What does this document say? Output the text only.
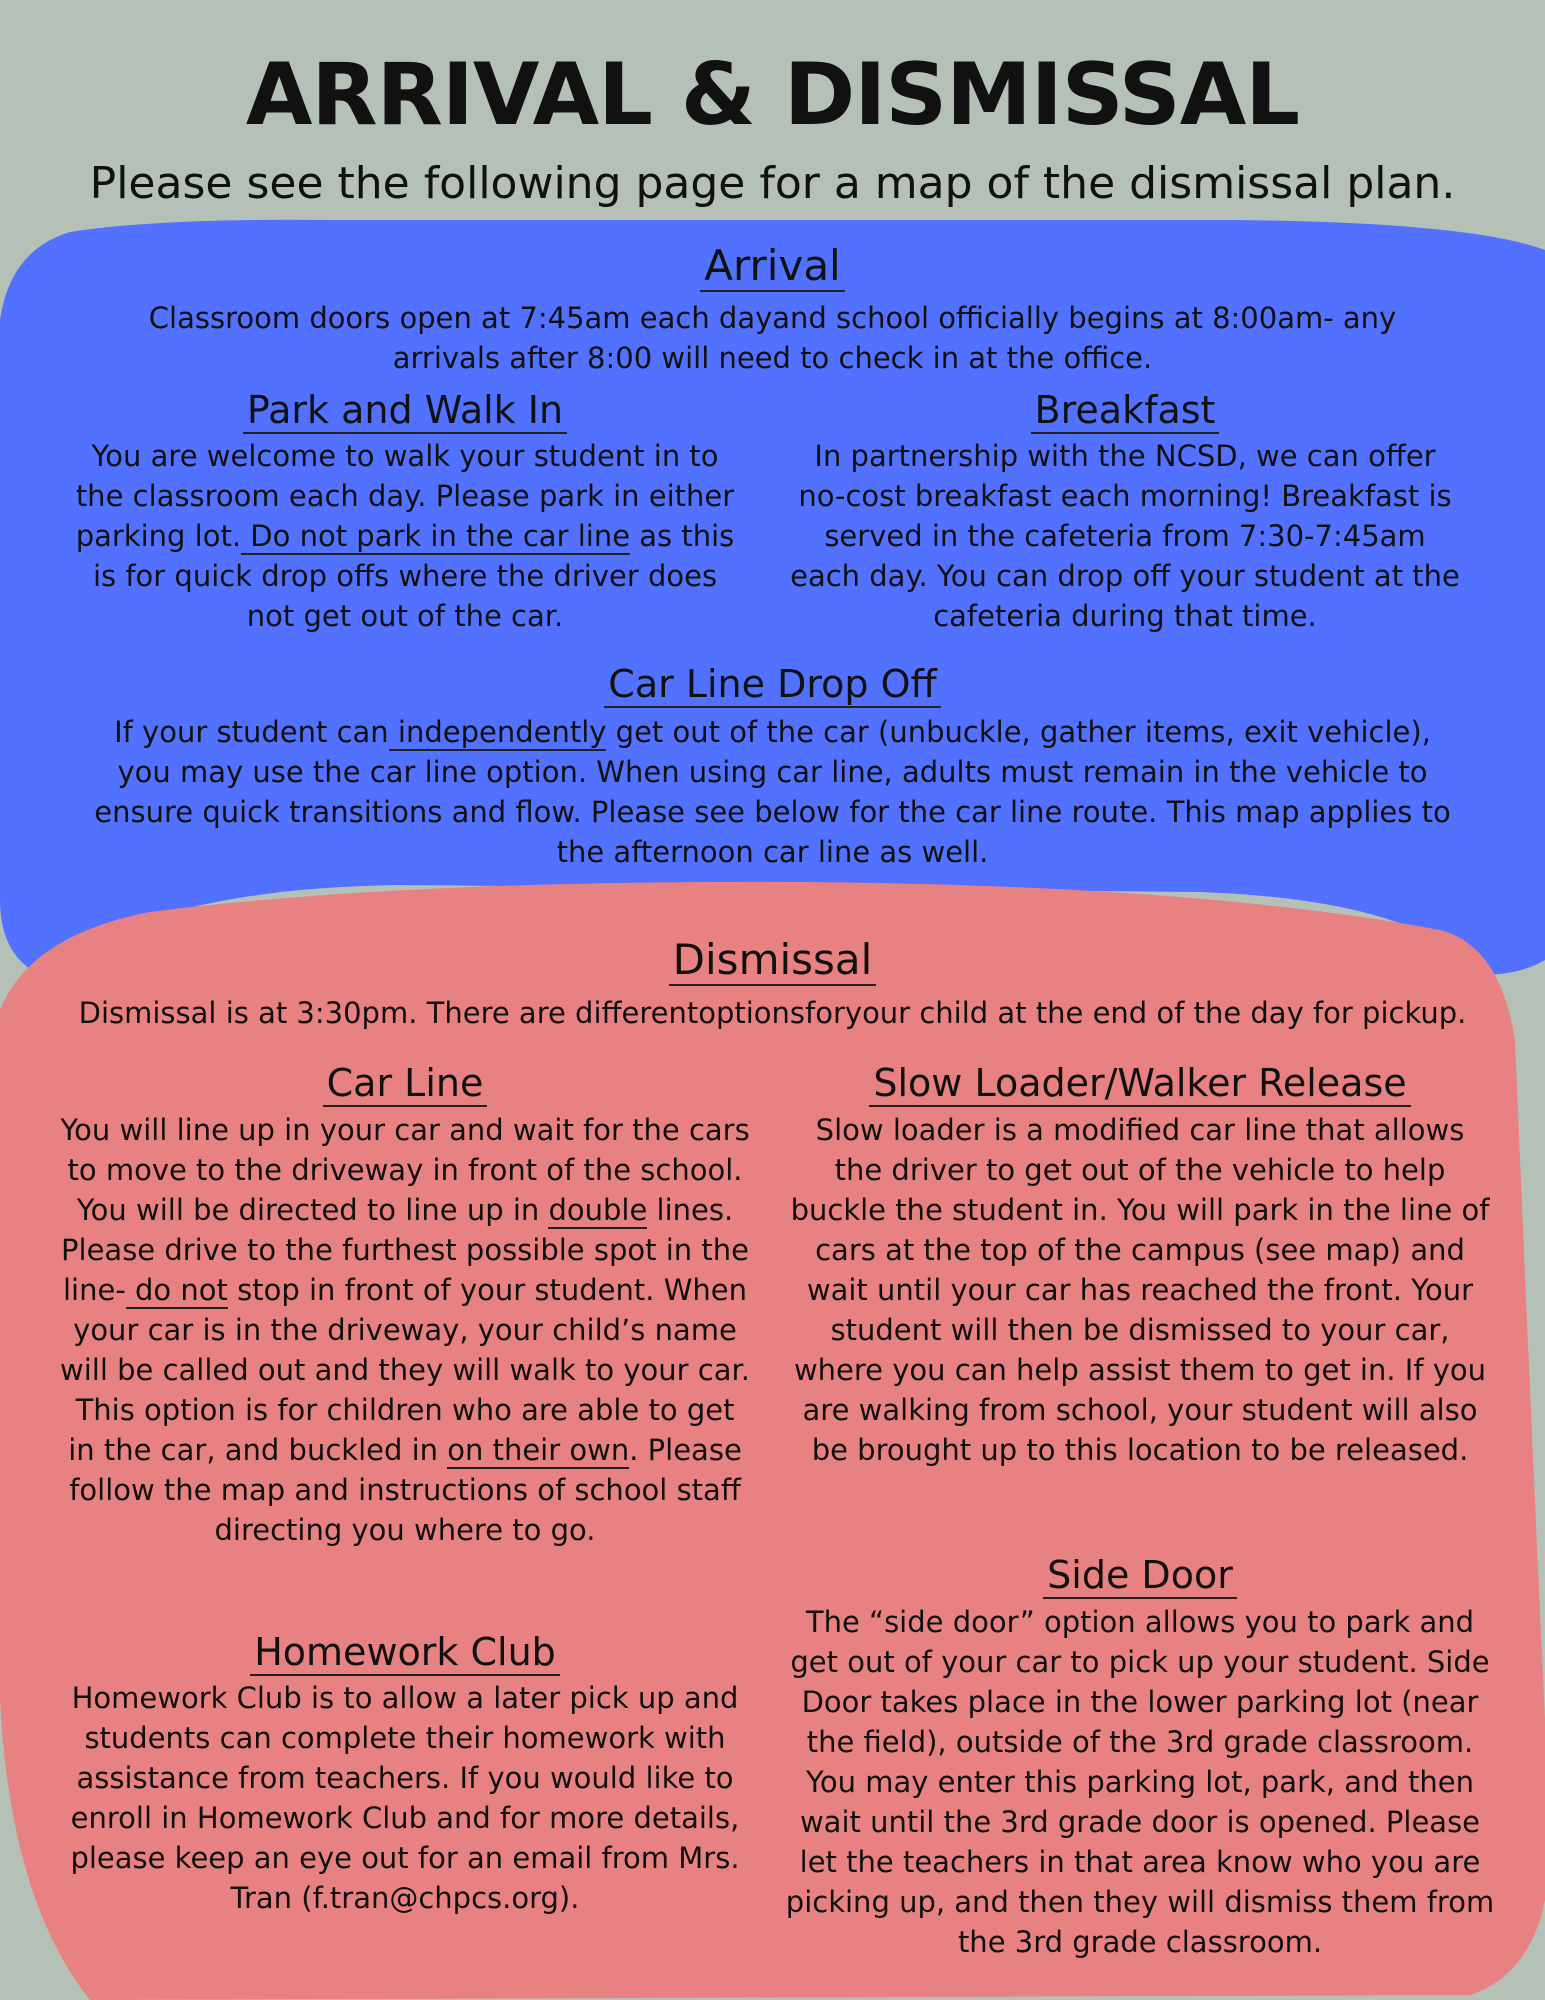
ARRIVAL & DISMISSAL
Please see the following page for a map of the dismissal plan.
Arrival
Classroom doors open at 7:45am each dayand school officially begins at 8:00am- any arrivals after 8:00 will need to check in at the office.
Park and Walk In
You are welcome to walk your student in to the classroom each day. Please park in either parking lot. Do not park in the car line as this is for quick drop offs where the driver does not get out of the car.
Breakfast
In partnership with the NCSD, we can offer no-cost breakfast each morning! Breakfast is served in the cafeteria from 7:30-7:45am each day. You can drop off your student at the cafeteria during that time.
Car Line Drop Off
If your student can independently get out of the car (unbuckle, gather items, exit vehicle), you may use the car line option. When using car line, adults must remain in the vehicle to ensure quick transitions and flow. Please see below for the car line route. This map applies to the afternoon car line as well.
Dismissal
Dismissal is at 3:30pm. There are differentoptionsforyour child at the end of the day for pickup.
Car Line
You will line up in your car and wait for the cars to move to the driveway in front of the school. You will be directed to line up in double lines. Please drive to the furthest possible spot in the line- do not stop in front of your student. When your car is in the driveway, your child’s name will be called out and they will walk to your car. This option is for children who are able to get in the car, and buckled in on their own. Please follow the map and instructions of school staff directing you where to go.
Homework Club
Homework Club is to allow a later pick up and students can complete their homework with assistance from teachers. If you would like to enroll in Homework Club and for more details, please keep an eye out for an email from Mrs. Tran (f.tran@chpcs.org).
Slow Loader/Walker Release
Slow loader is a modified car line that allows the driver to get out of the vehicle to help buckle the student in. You will park in the line of cars at the top of the campus (see map) and wait until your car has reached the front. Your student will then be dismissed to your car, where you can help assist them to get in. If you are walking from school, your student will also be brought up to this location to be released.
Side Door
The “side door” option allows you to park and get out of your car to pick up your student. Side Door takes place in the lower parking lot (near the field), outside of the 3rd grade classroom. You may enter this parking lot, park, and then wait until the 3rd grade door is opened. Please let the teachers in that area know who you are picking up, and then they will dismiss them from the 3rd grade classroom.
